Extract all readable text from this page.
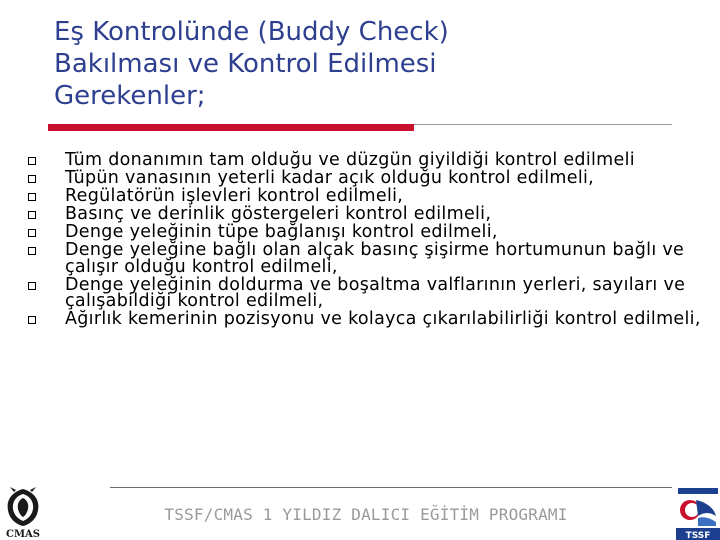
Eş Kontrolünde (Buddy Check)
Bakılması ve Kontrol Edilmesi
Gerekenler;
Tüm donanımın tam olduğu ve düzgün giyildiği kontrol edilmeli
Tüpün vanasının yeterli kadar açık olduğu kontrol edilmeli,
Regülatörün işlevleri kontrol edilmeli,
Basınç ve derinlik göstergeleri kontrol edilmeli,
Denge yeleğinin tüpe bağlanışı kontrol edilmeli,
Denge yeleğine bağlı olan alçak basınç şişirme hortumunun bağlı ve çalışır olduğu kontrol edilmeli,
Denge yeleğinin doldurma ve boşaltma valflarının yerleri, sayıları ve çalışabildiği kontrol edilmeli,
Ağırlık kemerinin pozisyonu ve kolayca çıkarılabilirliği kontrol edilmeli,
TSSF/CMAS 1 YILDIZ DALICI EĞİTİM PROGRAMI
CMAS	TSSF
